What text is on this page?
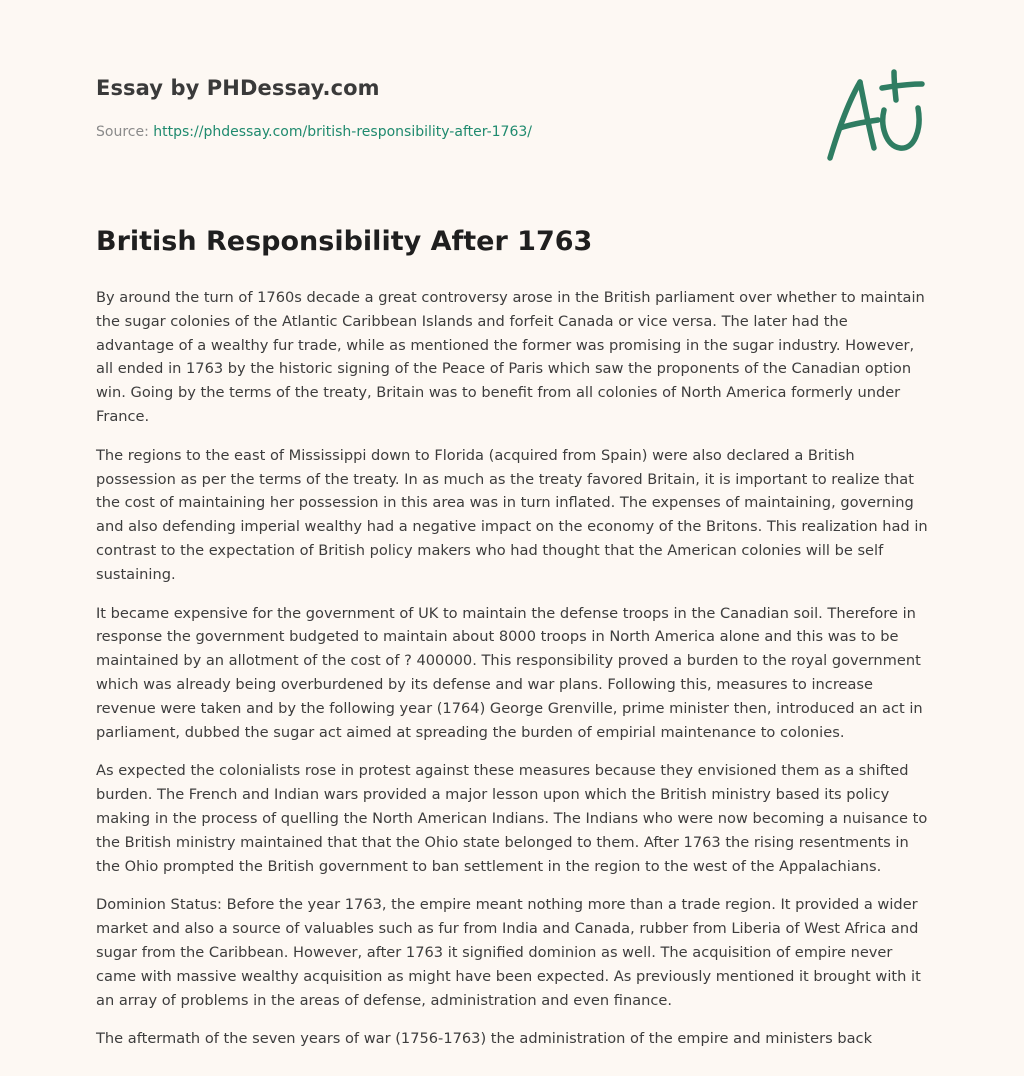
Essay by PHDessay.com
Source: https://phdessay.com/british-responsibility-after-1763/
British Responsibility After 1763

By around the turn of 1760s decade a great controversy arose in the British parliament over whether to maintain the sugar colonies of the Atlantic Caribbean Islands and forfeit Canada or vice versa. The later had the advantage of a wealthy fur trade, while as mentioned the former was promising in the sugar industry. However, all ended in 1763 by the historic signing of the Peace of Paris which saw the proponents of the Canadian option win. Going by the terms of the treaty, Britain was to benefit from all colonies of North America formerly under France.

The regions to the east of Mississippi down to Florida (acquired from Spain) were also declared a British possession as per the terms of the treaty. In as much as the treaty favored Britain, it is important to realize that the cost of maintaining her possession in this area was in turn inflated. The expenses of maintaining, governing and also defending imperial wealthy had a negative impact on the economy of the Britons. This realization had in contrast to the expectation of British policy makers who had thought that the American colonies will be self sustaining.

It became expensive for the government of UK to maintain the defense troops in the Canadian soil. Therefore in response the government budgeted to maintain about 8000 troops in North America alone and this was to be maintained by an allotment of the cost of ? 400000. This responsibility proved a burden to the royal government which was already being overburdened by its defense and war plans. Following this, measures to increase revenue were taken and by the following year (1764) George Grenville, prime minister then, introduced an act in parliament, dubbed the sugar act aimed at spreading the burden of empirial maintenance to colonies.

As expected the colonialists rose in protest against these measures because they envisioned them as a shifted burden. The French and Indian wars provided a major lesson upon which the British ministry based its policy making in the process of quelling the North American Indians. The Indians who were now becoming a nuisance to the British ministry maintained that that the Ohio state belonged to them. After 1763 the rising resentments in the Ohio prompted the British government to ban settlement in the region to the west of the Appalachians.

Dominion Status: Before the year 1763, the empire meant nothing more than a trade region. It provided a wider market and also a source of valuables such as fur from India and Canada, rubber from Liberia of West Africa and sugar from the Caribbean. However, after 1763 it signified dominion as well. The acquisition of empire never came with massive wealthy acquisition as might have been expected. As previously mentioned it brought with it an array of problems in the areas of defense, administration and even finance.

The aftermath of the seven years of war (1756-1763) the administration of the empire and ministers back
